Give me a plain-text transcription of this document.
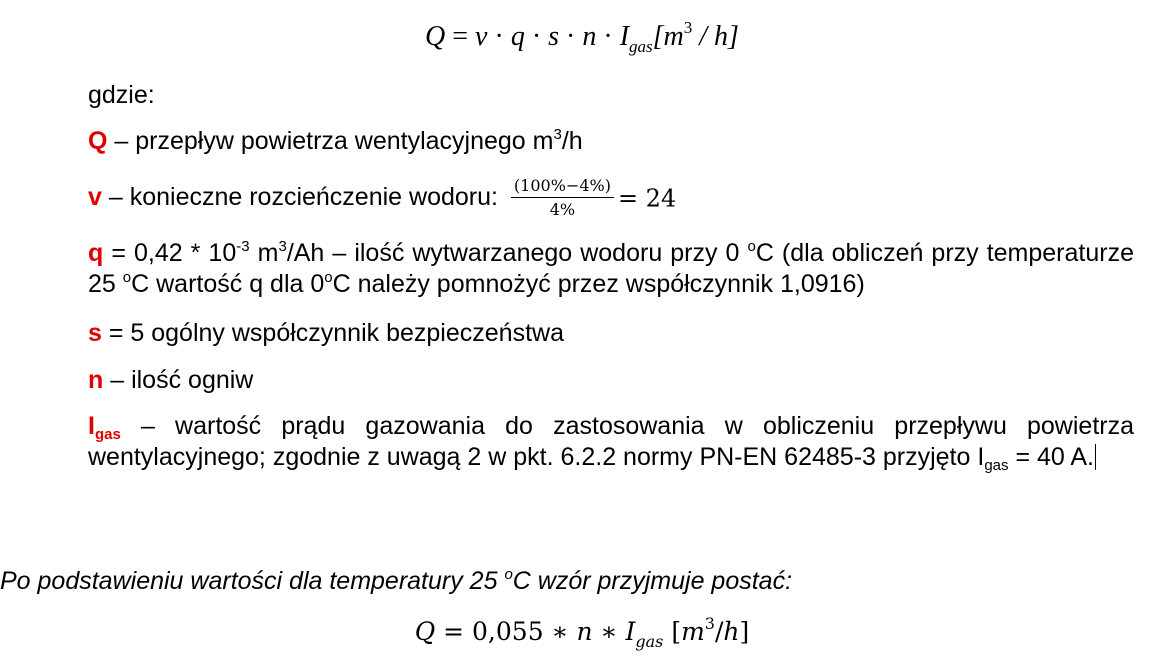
$Q = v \cdot q \cdot s \cdot n \cdot I_{gas}[m^3 / h]$
gdzie:
Q – przepływ powietrza wentylacyjnego $m^3/h$
v – konieczne rozcieńczenie wodoru: $\frac{(100\%-4\%)}{4\%} = 24$
$q = 0,42 * 10^{-3}$ $m^3/Ah$ – ilość wytwarzanego wodoru przy 0 $^o$C (dla obliczeń przy temperaturze 25 $^o$C wartość q dla 0$^o$C należy pomnożyć przez współczynnik 1,0916)
s = 5 ogólny współczynnik bezpieczeństwa
n – ilość ogniw
$I_{gas}$ – wartość prądu gazowania do zastosowania w obliczeniu przepływu powietrza wentylacyjnego; zgodnie z uwagą 2 w pkt. 6.2.2 normy PN-EN 62485-3 przyjęto $I_{gas} = 40$ A.
Po podstawieniu wartości dla temperatury 25 $^o$C wzór przyjmuje postać:
Q = 0,055 ∗ n ∗ $I_{gas}$ $[m^3/h]$
